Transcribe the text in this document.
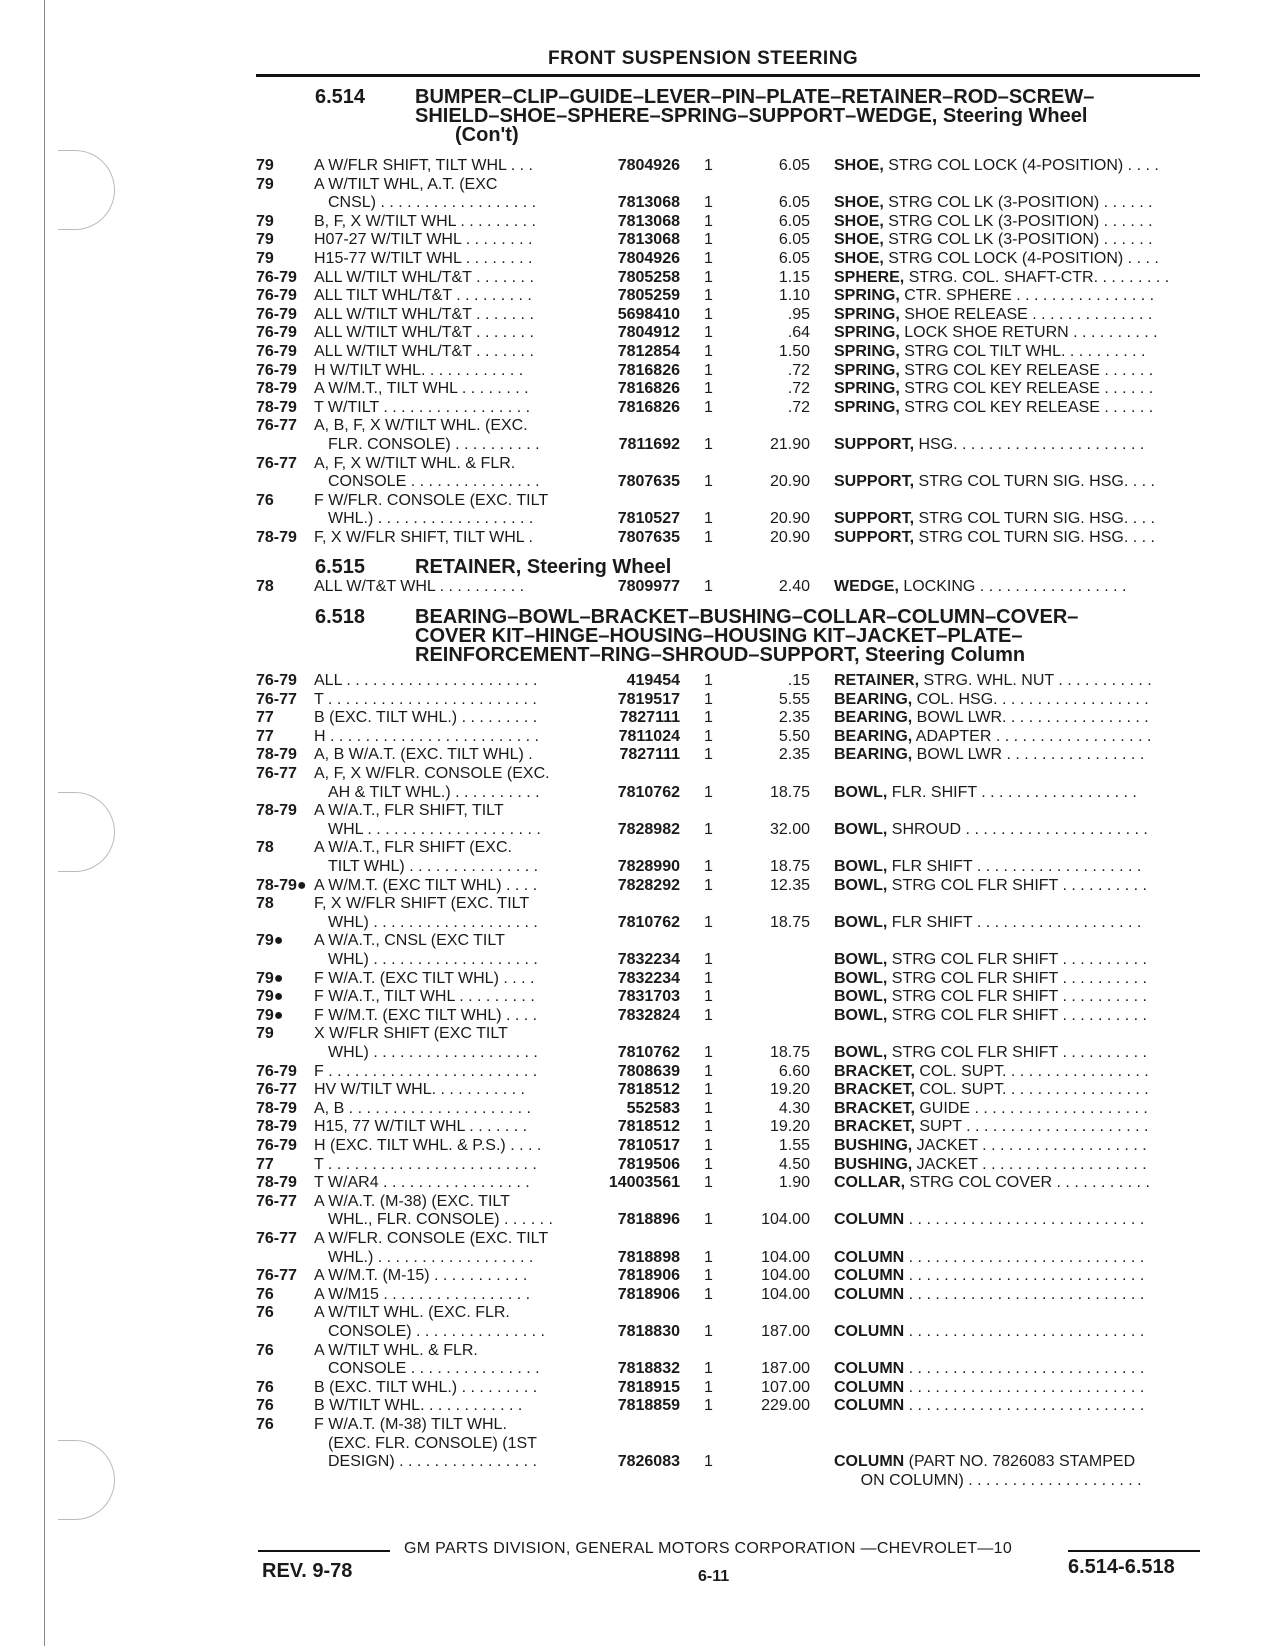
FRONT SUSPENSION STEERING
6.514	BUMPER–CLIP–GUIDE–LEVER–PIN–PLATE–RETAINER–ROD–SCREW–
SHIELD–SHOE–SPHERE–SPRING–SUPPORT–WEDGE, Steering Wheel
(Con't)
6.515	RETAINER, Steering Wheel
6.518	BEARING–BOWL–BRACKET–BUSHING–COLLAR–COLUMN–COVER–
COVER KIT–HINGE–HOUSING–HOUSING KIT–JACKET–PLATE–
REINFORCEMENT–RING–SHROUD–SUPPORT, Steering Column
79	A W/FLR SHIFT, TILT WHL . . .	7804926 1	6.05 SHOE, STRG COL LOCK (4-POSITION) . . . .
79	A W/TILT WHL, A.T. (EXC
CNSL) . . . . . . . . . . . . . . . . . .	7813068 1	6.05 SHOE, STRG COL LK (3-POSITION) . . . . . .
79	B, F, X W/TILT WHL . . . . . . . . .	7813068 1	6.05 SHOE, STRG COL LK (3-POSITION) . . . . . .
79	H07-27 W/TILT WHL . . . . . . . .	7813068 1	6.05 SHOE, STRG COL LK (3-POSITION) . . . . . .
79	H15-77 W/TILT WHL . . . . . . . .	7804926 1	6.05 SHOE, STRG COL LOCK (4-POSITION) . . . .
76-79 ALL W/TILT WHL/T&T . . . . . . .	7805258 1	1.15 SPHERE, STRG. COL. SHAFT-CTR. . . . . . . . .
76-79 ALL TILT WHL/T&T . . . . . . . . .	7805259 1	1.10 SPRING, CTR. SPHERE . . . . . . . . . . . . . . . .
76-79 ALL W/TILT WHL/T&T . . . . . . .	5698410 1	.95 SPRING, SHOE RELEASE . . . . . . . . . . . . . .
76-79 ALL W/TILT WHL/T&T . . . . . . .	7804912 1	.64 SPRING, LOCK SHOE RETURN . . . . . . . . . .
76-79 ALL W/TILT WHL/T&T . . . . . . .	7812854 1	1.50 SPRING, STRG COL TILT WHL. . . . . . . . . .
76-79 H W/TILT WHL. . . . . . . . . . . .	7816826 1	.72 SPRING, STRG COL KEY RELEASE . . . . . .
78-79 A W/M.T., TILT WHL . . . . . . . .	7816826 1	.72 SPRING, STRG COL KEY RELEASE . . . . . .
78-79 T W/TILT . . . . . . . . . . . . . . . . .	7816826 1	.72 SPRING, STRG COL KEY RELEASE . . . . . .
76-77 A, B, F, X W/TILT WHL. (EXC.
FLR. CONSOLE) . . . . . . . . . .	7811692 1	21.90 SUPPORT, HSG. . . . . . . . . . . . . . . . . . . . . .
76-77 A, F, X W/TILT WHL. & FLR.
CONSOLE . . . . . . . . . . . . . . .	7807635 1	20.90 SUPPORT, STRG COL TURN SIG. HSG. . . .
76	F W/FLR. CONSOLE (EXC. TILT
WHL.) . . . . . . . . . . . . . . . . . .	7810527 1	20.90 SUPPORT, STRG COL TURN SIG. HSG. . . .
78-79 F, X W/FLR SHIFT, TILT WHL .	7807635 1	20.90 SUPPORT, STRG COL TURN SIG. HSG. . . .
78	ALL W/T&T WHL . . . . . . . . . .	7809977 1	2.40 WEDGE, LOCKING . . . . . . . . . . . . . . . . .
76-79 ALL . . . . . . . . . . . . . . . . . . . . . .	419454 1	.15 RETAINER, STRG. WHL. NUT . . . . . . . . . . .
76-77 T . . . . . . . . . . . . . . . . . . . . . . . .	7819517 1	5.55 BEARING, COL. HSG. . . . . . . . . . . . . . . . . .
77	B (EXC. TILT WHL.) . . . . . . . . .	7827111 1	2.35 BEARING, BOWL LWR. . . . . . . . . . . . . . . . .
77	H . . . . . . . . . . . . . . . . . . . . . . . .	7811024 1	5.50 BEARING, ADAPTER . . . . . . . . . . . . . . . . . .
78-79 A, B W/A.T. (EXC. TILT WHL) .	7827111 1	2.35 BEARING, BOWL LWR . . . . . . . . . . . . . . . .
76-77 A, F, X W/FLR. CONSOLE (EXC.
AH & TILT WHL.) . . . . . . . . . .	7810762 1	18.75 BOWL, FLR. SHIFT . . . . . . . . . . . . . . . . . .
78-79 A W/A.T., FLR SHIFT, TILT
WHL . . . . . . . . . . . . . . . . . . . .	7828982 1	32.00 BOWL, SHROUD . . . . . . . . . . . . . . . . . . . . .
78	A W/A.T., FLR SHIFT (EXC.
TILT WHL) . . . . . . . . . . . . . . .	7828990 1	18.75 BOWL, FLR SHIFT . . . . . . . . . . . . . . . . . . .
78-79● A W/M.T. (EXC TILT WHL) . . . .	7828292 1	12.35 BOWL, STRG COL FLR SHIFT . . . . . . . . . .
78	F, X W/FLR SHIFT (EXC. TILT
WHL) . . . . . . . . . . . . . . . . . . .	7810762 1	18.75 BOWL, FLR SHIFT . . . . . . . . . . . . . . . . . . .
79● A W/A.T., CNSL (EXC TILT
WHL) . . . . . . . . . . . . . . . . . . .	7832234 1	BOWL, STRG COL FLR SHIFT . . . . . . . . . .
79● F W/A.T. (EXC TILT WHL) . . . .	7832234 1	BOWL, STRG COL FLR SHIFT . . . . . . . . . .
79● F W/A.T., TILT WHL . . . . . . . . .	7831703 1	BOWL, STRG COL FLR SHIFT . . . . . . . . . .
79● F W/M.T. (EXC TILT WHL) . . . .	7832824 1	BOWL, STRG COL FLR SHIFT . . . . . . . . . .
79	X W/FLR SHIFT (EXC TILT
WHL) . . . . . . . . . . . . . . . . . . .	7810762 1	18.75 BOWL, STRG COL FLR SHIFT . . . . . . . . . .
76-79 F . . . . . . . . . . . . . . . . . . . . . . . .	7808639 1	6.60 BRACKET, COL. SUPT. . . . . . . . . . . . . . . . .
76-77 HV W/TILT WHL. . . . . . . . . . .	7818512 1	19.20 BRACKET, COL. SUPT. . . . . . . . . . . . . . . . .
78-79 A, B . . . . . . . . . . . . . . . . . . . . .	552583 1	4.30 BRACKET, GUIDE . . . . . . . . . . . . . . . . . . . .
78-79 H15, 77 W/TILT WHL . . . . . . .	7818512 1	19.20 BRACKET, SUPT . . . . . . . . . . . . . . . . . . . . .
76-79 H (EXC. TILT WHL. & P.S.) . . . .	7810517 1	1.55 BUSHING, JACKET . . . . . . . . . . . . . . . . . . .
77	T . . . . . . . . . . . . . . . . . . . . . . . .	7819506 1	4.50 BUSHING, JACKET . . . . . . . . . . . . . . . . . . .
78-79 T W/AR4 . . . . . . . . . . . . . . . . .	14003561 1	1.90 COLLAR, STRG COL COVER . . . . . . . . . . .
76-77 A W/A.T. (M-38) (EXC. TILT
WHL., FLR. CONSOLE) . . . . . .	7818896 1	104.00 COLUMN . . . . . . . . . . . . . . . . . . . . . . . . . . .
76-77 A W/FLR. CONSOLE (EXC. TILT
WHL.) . . . . . . . . . . . . . . . . . .	7818898 1	104.00 COLUMN . . . . . . . . . . . . . . . . . . . . . . . . . . .
76-77 A W/M.T. (M-15) . . . . . . . . . . .	7818906 1	104.00 COLUMN . . . . . . . . . . . . . . . . . . . . . . . . . . .
76	A W/M15 . . . . . . . . . . . . . . . . .	7818906 1	104.00 COLUMN . . . . . . . . . . . . . . . . . . . . . . . . . . .
76	A W/TILT WHL. (EXC. FLR.
CONSOLE) . . . . . . . . . . . . . . .	7818830 1	187.00 COLUMN . . . . . . . . . . . . . . . . . . . . . . . . . . .
76	A W/TILT WHL. & FLR.
CONSOLE . . . . . . . . . . . . . . .	7818832 1	187.00 COLUMN . . . . . . . . . . . . . . . . . . . . . . . . . . .
76	B (EXC. TILT WHL.) . . . . . . . . .	7818915 1	107.00 COLUMN . . . . . . . . . . . . . . . . . . . . . . . . . . .
76	B W/TILT WHL. . . . . . . . . . . .	7818859 1	229.00 COLUMN . . . . . . . . . . . . . . . . . . . . . . . . . . .
76	F W/A.T. (M-38) TILT WHL.
(EXC. FLR. CONSOLE) (1ST
DESIGN) . . . . . . . . . . . . . . . .	7826083 1	COLUMN (PART NO. 7826083 STAMPED
ON COLUMN) . . . . . . . . . . . . . . . . . . . .
GM PARTS DIVISION, GENERAL MOTORS CORPORATION —CHEVROLET—10
REV. 9-78	6-11	6.514-6.518
